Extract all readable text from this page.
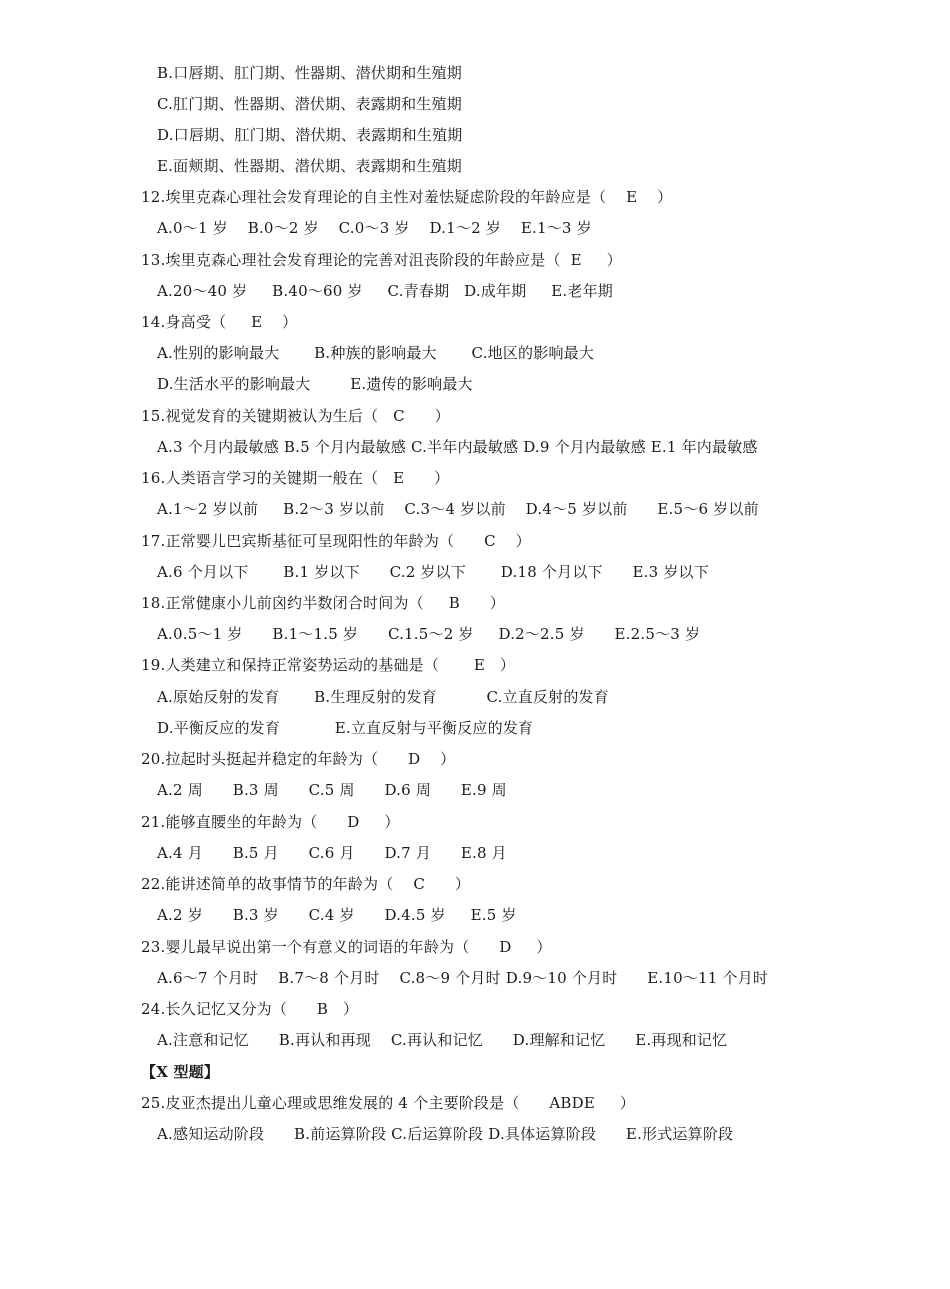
B.口唇期、肛门期、性器期、潜伏期和生殖期
C.肛门期、性器期、潜伏期、表露期和生殖期
D.口唇期、肛门期、潜伏期、表露期和生殖期
E.面颊期、性器期、潜伏期、表露期和生殖期
12.埃里克森心理社会发育理论的自主性对羞怯疑虑阶段的年龄应是（    E    ）
A.0～1 岁    B.0～2 岁    C.0～3 岁    D.1～2 岁    E.1～3 岁
13.埃里克森心理社会发育理论的完善对沮丧阶段的年龄应是（  E     ）
A.20～40 岁     B.40～60 岁     C.青春期   D.成年期     E.老年期
14.身高受（     E    ）
A.性别的影响最大       B.种族的影响最大       C.地区的影响最大
D.生活水平的影响最大        E.遗传的影响最大
15.视觉发育的关键期被认为生后（   C      ）
A.3 个月内最敏感 B.5 个月内最敏感 C.半年内最敏感 D.9 个月内最敏感 E.1 年内最敏感
16.人类语言学习的关键期一般在（   E      ）
A.1～2 岁以前     B.2～3 岁以前    C.3～4 岁以前    D.4～5 岁以前      E.5～6 岁以前
17.正常婴儿巴宾斯基征可呈现阳性的年龄为（      C    ）
A.6 个月以下       B.1 岁以下      C.2 岁以下       D.18 个月以下      E.3 岁以下
18.正常健康小儿前囟约半数闭合时间为（     B      ）
A.0.5～1 岁      B.1～1.5 岁      C.1.5～2 岁     D.2～2.5 岁      E.2.5～3 岁
19.人类建立和保持正常姿势运动的基础是（       E   ）
A.原始反射的发育       B.生理反射的发育          C.立直反射的发育
D.平衡反应的发育           E.立直反射与平衡反应的发育
20.拉起时头挺起并稳定的年龄为（      D    ）
A.2 周      B.3 周      C.5 周      D.6 周      E.9 周
21.能够直腰坐的年龄为（      D     ）
A.4 月      B.5 月      C.6 月      D.7 月      E.8 月
22.能讲述简单的故事情节的年龄为（    C      ）
A.2 岁      B.3 岁      C.4 岁      D.4.5 岁     E.5 岁
23.婴儿最早说出第一个有意义的词语的年龄为（      D     ）
A.6～7 个月时    B.7～8 个月时    C.8～9 个月时 D.9～10 个月时      E.10～11 个月时
24.长久记忆又分为（      B   ）
A.注意和记忆      B.再认和再现    C.再认和记忆      D.理解和记忆      E.再现和记忆
【X 型题】
25.皮亚杰提出儿童心理或思维发展的 4 个主要阶段是（      ABDE     ）
A.感知运动阶段      B.前运算阶段 C.后运算阶段 D.具体运算阶段      E.形式运算阶段
